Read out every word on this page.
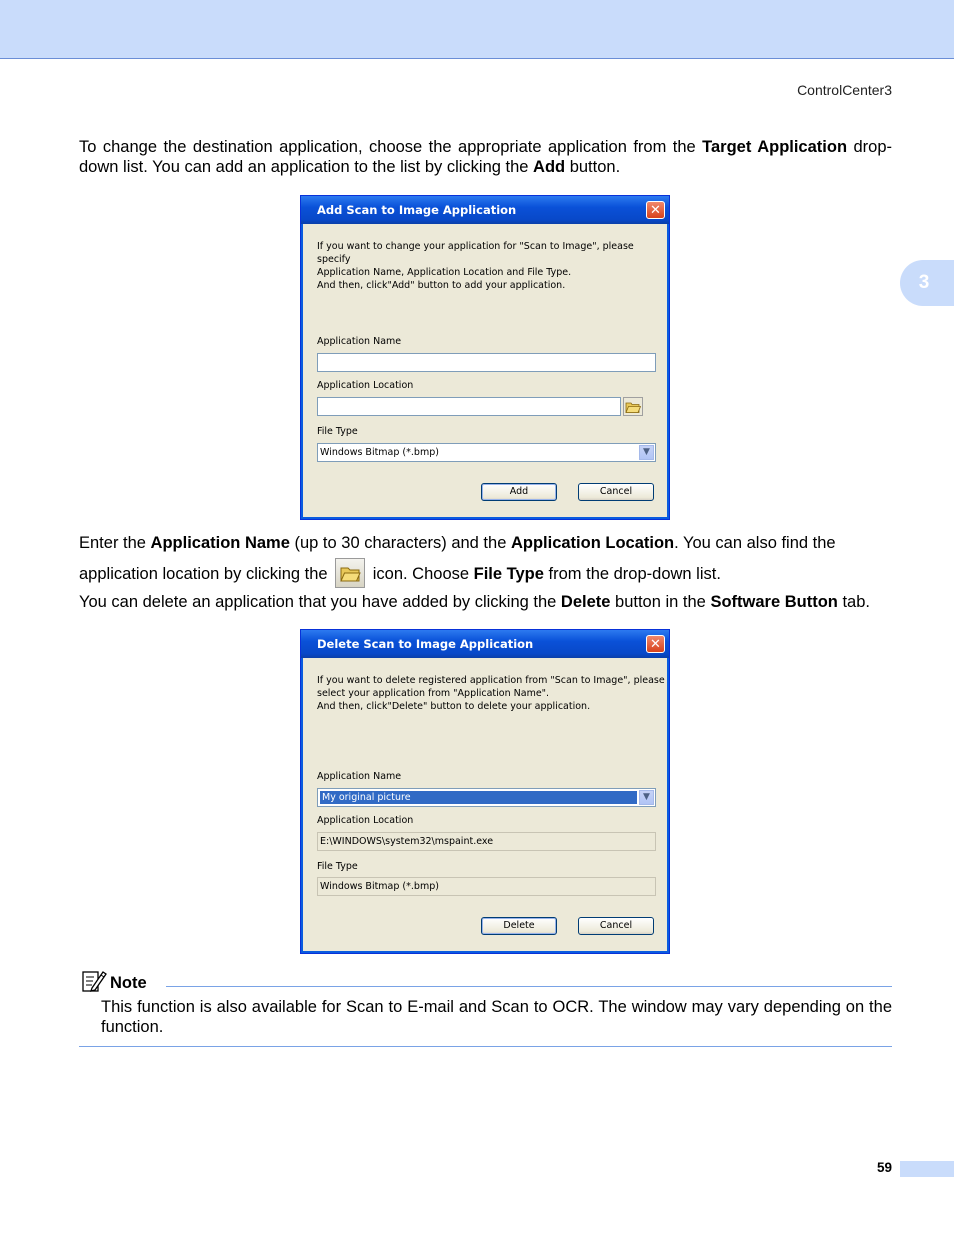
ControlCenter3
3
To change the destination application, choose the appropriate application from the Target Application drop-down list. You can add an application to the list by clicking the Add button.
Add Scan to Image Application	✕
If you want to change your application for "Scan to Image", please specify
Application Name, Application Location and File Type.
And then, click"Add" button to add your application.
Application Name
Application Location
File Type
Windows Bitmap (*.bmp)	▼
Add	Cancel
Enter the Application Name (up to 30 characters) and the Application Location. You can also find the application location by clicking the
icon. Choose File Type from the drop-down list.
You can delete an application that you have added by clicking the Delete button in the Software Button tab.
Delete Scan to Image Application	✕
If you want to delete registered application from "Scan to Image", please
select your application from "Application Name".
And then, click"Delete" button to delete your application.
Application Name
My original picture	▼
Application Location
E:\WINDOWS\system32\mspaint.exe
File Type
Windows Bitmap (*.bmp)
Delete	Cancel
Note
This function is also available for Scan to E-mail and Scan to OCR. The window may vary depending on the function.
59
